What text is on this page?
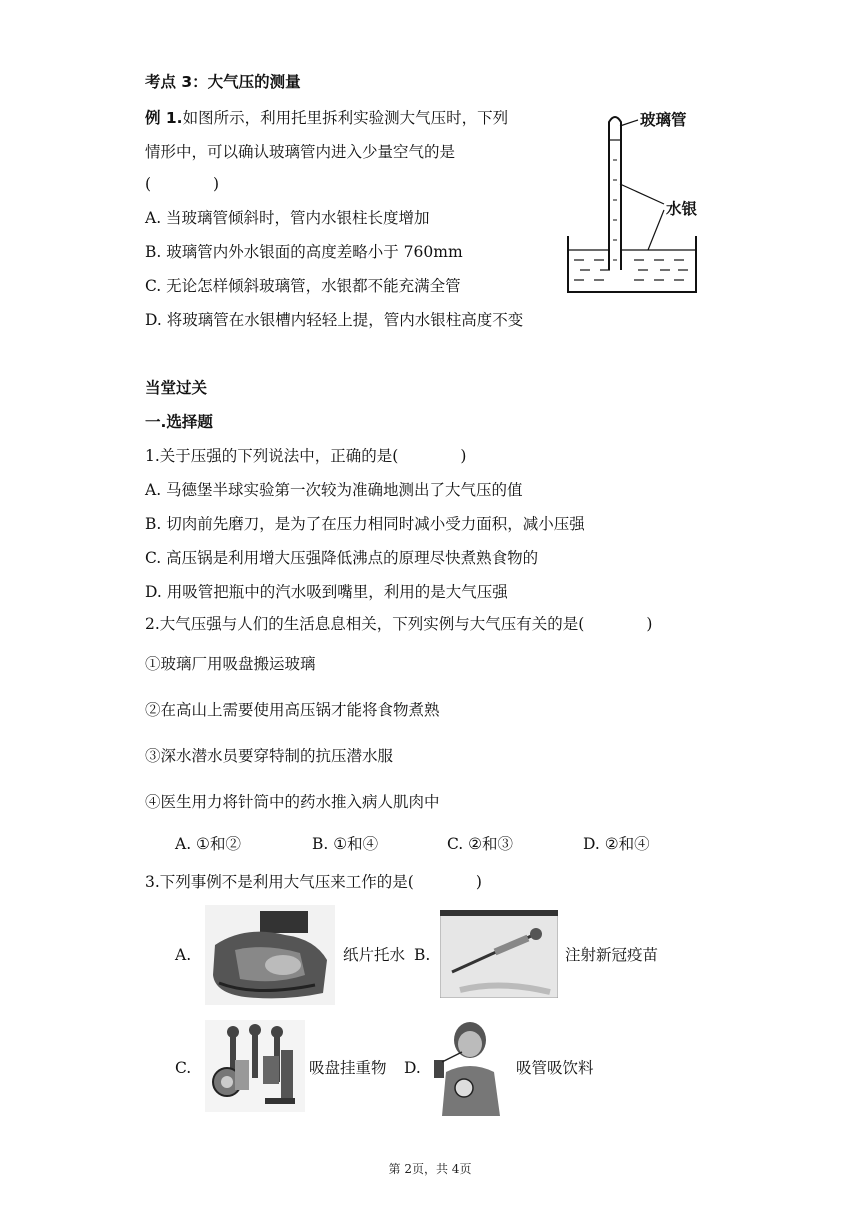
考点 3：大气压的测量
例 1.如图所示，利用托里拆利实验测大气压时，下列
情形中，可以确认玻璃管内进入少量空气的是
(　　　　)
A. 当玻璃管倾斜时，管内水银柱长度增加
B. 玻璃管内外水银面的高度差略小于 760mm
C. 无论怎样倾斜玻璃管，水银都不能充满全管
D. 将玻璃管在水银槽内轻轻上提，管内水银柱高度不变
玻璃管
水银
当堂过关
一.选择题
1.关于压强的下列说法中，正确的是(　　　　)
A. 马德堡半球实验第一次较为准确地测出了大气压的值
B. 切肉前先磨刀，是为了在压力相同时减小受力面积，减小压强
C. 高压锅是利用增大压强降低沸点的原理尽快煮熟食物的
D. 用吸管把瓶中的汽水吸到嘴里，利用的是大气压强
2.大气压强与人们的生活息息相关，下列实例与大气压有关的是(　　　　)
①玻璃厂用吸盘搬运玻璃
②在高山上需要使用高压锅才能将食物煮熟
③深水潜水员要穿特制的抗压潜水服
④医生用力将针筒中的药水推入病人肌肉中
A. ①和②	B. ①和④	C. ②和③	D. ②和④
3.下列事例不是利用大气压来工作的是(　　　　)
A.	纸片托水 B.	注射新冠疫苗
C.	吸盘挂重物 D.	吸管吸饮料
第 2页，共 4页
